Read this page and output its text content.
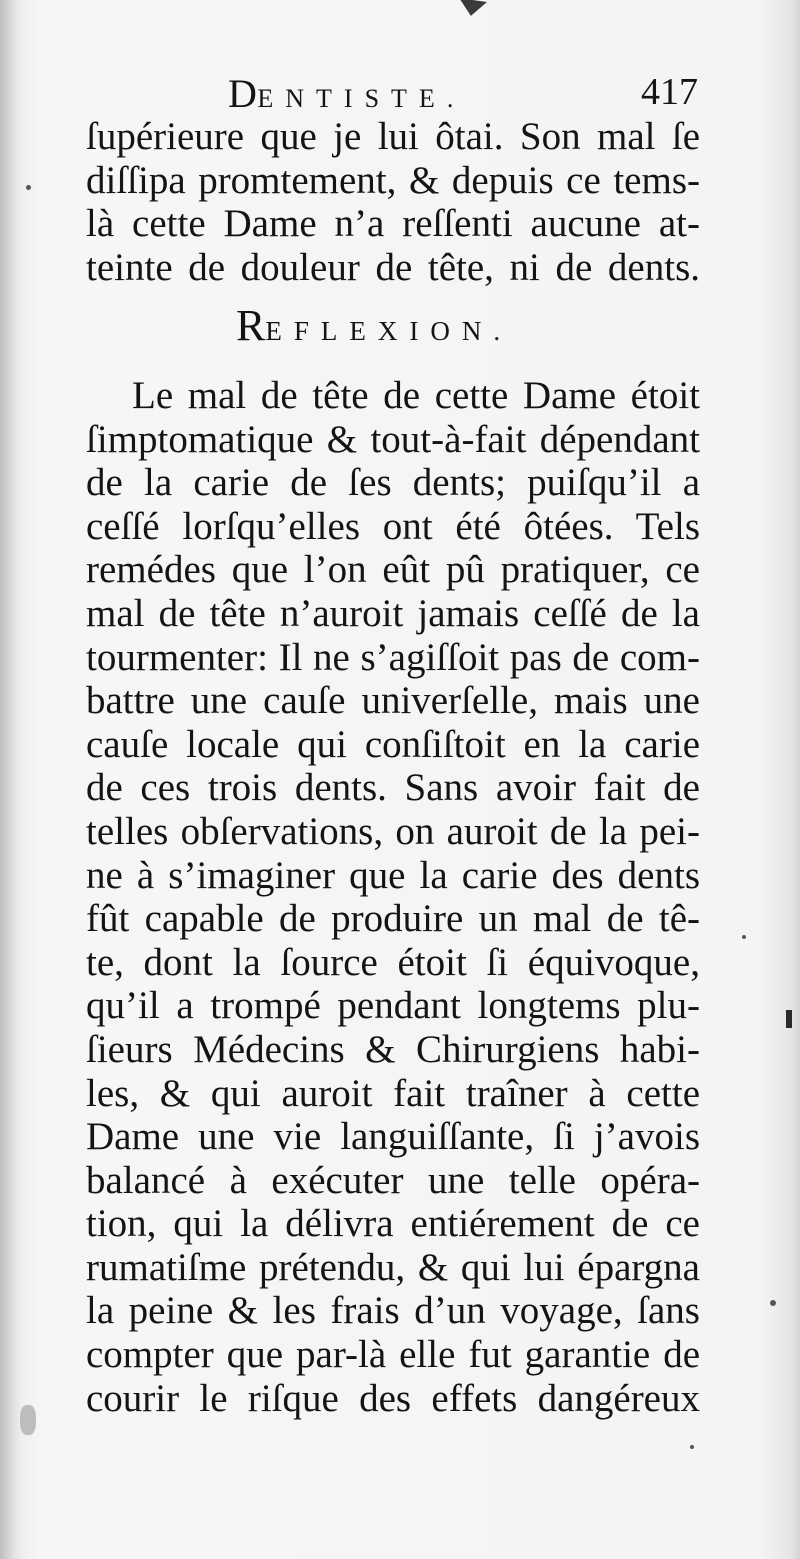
DENTISTE.	417
ſupérieure que je lui ôtai. Son mal ſe
diſſipa promtement, & depuis ce tems-
là cette Dame n’a reſſenti aucune at-
teinte de douleur de tête, ni de dents.
REFLEXION.
Le mal de tête de cette Dame étoit
ſimptomatique & tout-à-fait dépendant
de la carie de ſes dents; puiſqu’il a
ceſſé lorſqu’elles ont été ôtées. Tels
remédes que l’on eût pû pratiquer, ce
mal de tête n’auroit jamais ceſſé de la
tourmenter: Il ne s’agiſſoit pas de com-
battre une cauſe univerſelle, mais une
cauſe locale qui conſiſtoit en la carie
de ces trois dents. Sans avoir fait de
telles obſervations, on auroit de la pei-
ne à s’imaginer que la carie des dents
fût capable de produire un mal de tê-
te, dont la ſource étoit ſi équivoque,
qu’il a trompé pendant longtems plu-
ſieurs Médecins & Chirurgiens habi-
les, & qui auroit fait traîner à cette
Dame une vie languiſſante, ſi j’avois
balancé à exécuter une telle opéra-
tion, qui la délivra entiérement de ce
rumatiſme prétendu, & qui lui épargna
la peine & les frais d’un voyage, ſans
compter que par-là elle fut garantie de
courir le riſque des effets dangéreux
